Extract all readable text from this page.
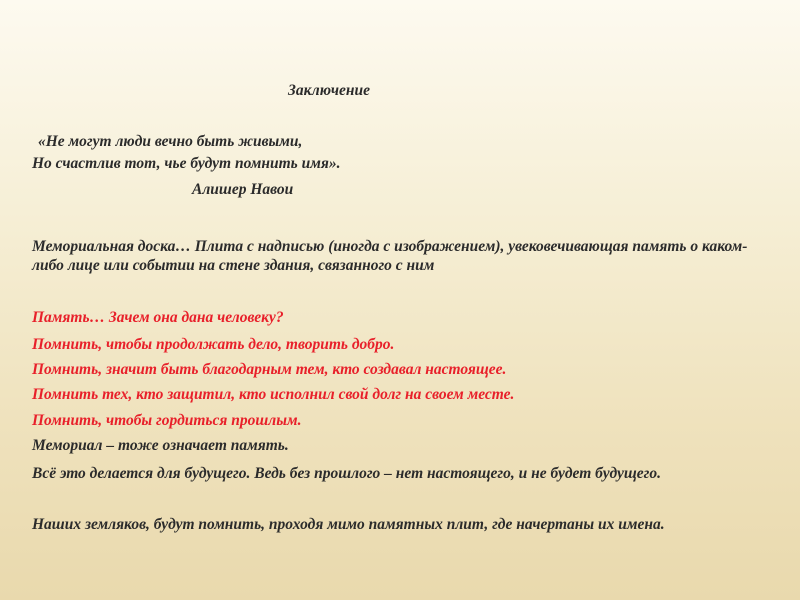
Заключение
«Не могут люди вечно быть живыми,
Но счастлив тот, чье будут помнить имя».
Алишер Навои
Мемориальная доска… Плита с надписью (иногда с изображением), увековечивающая память о каком-либо лице или событии на стене здания, связанного с ним
Память… Зачем она дана человеку?
Помнить, чтобы продолжать дело, творить добро.
Помнить, значит быть благодарным тем, кто создавал настоящее.
Помнить тех, кто защитил, кто исполнил свой долг на своем месте.
Помнить, чтобы гордиться прошлым.
Мемориал – тоже означает память.
Всё это делается для будущего. Ведь без прошлого – нет настоящего, и не будет будущего.
Наших земляков, будут помнить, проходя мимо памятных плит, где начертаны их имена.
